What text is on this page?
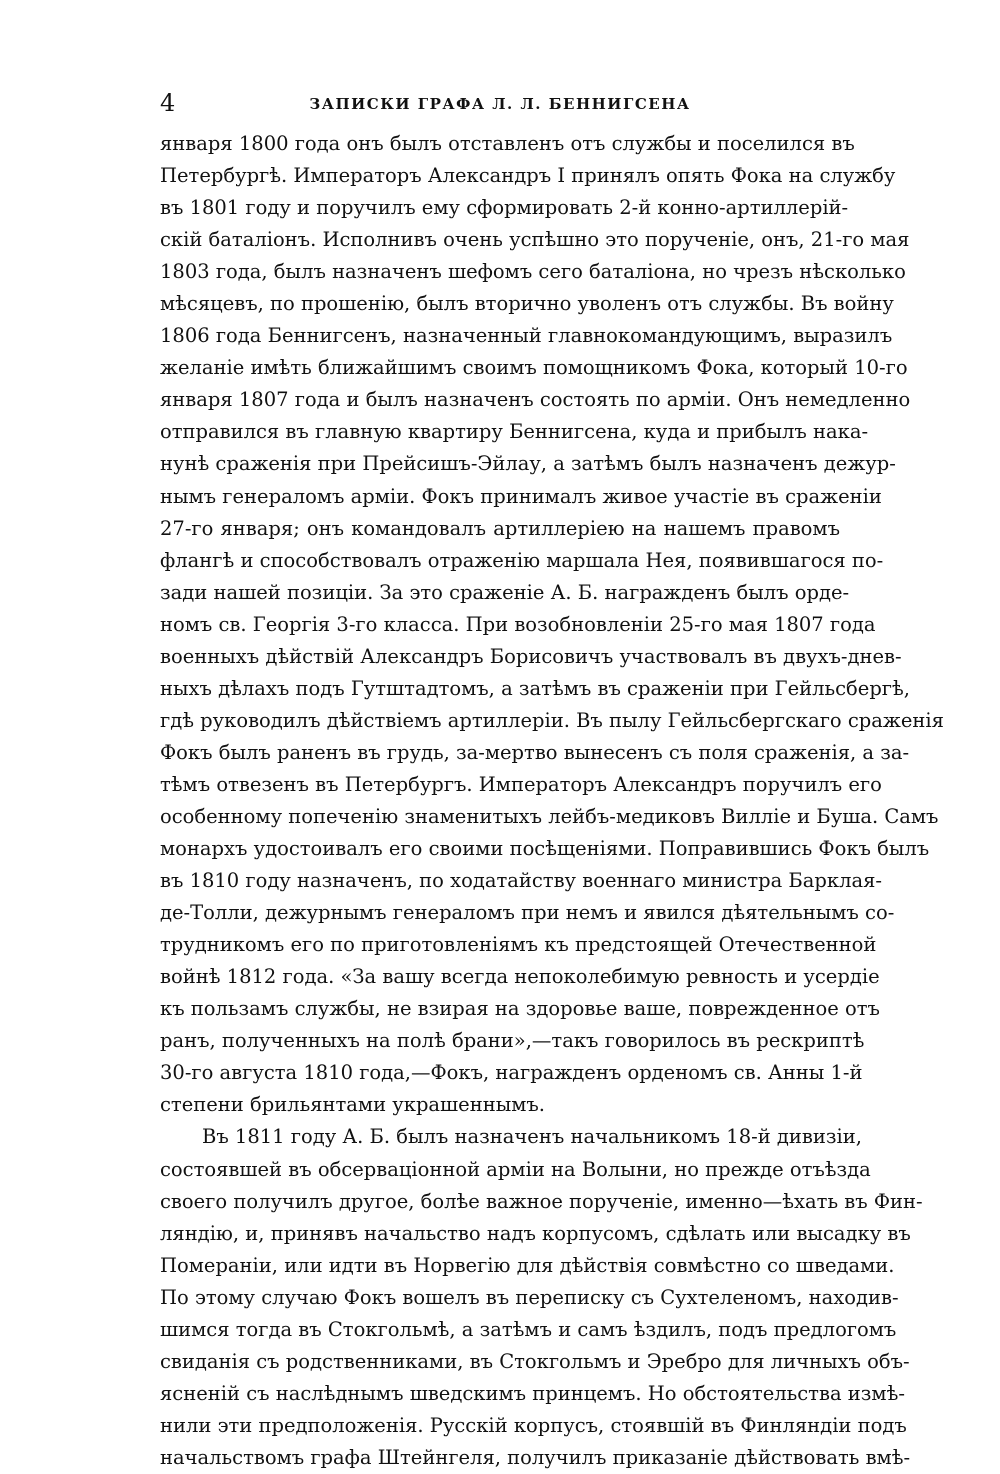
4	ЗАПИСКИ ГРАФА Л. Л. БЕННИГСЕНА
января 1800 года онъ былъ отставленъ отъ службы и поселился въ
Петербургѣ. Императоръ Александръ I принялъ опять Фока на службу
въ 1801 году и поручилъ ему сформировать 2-й конно-артиллерій-
скій баталіонъ. Исполнивъ очень успѣшно это порученіе, онъ, 21-го мая
1803 года, былъ назначенъ шефомъ сего баталіона, но чрезъ нѣсколько
мѣсяцевъ, по прошенію, былъ вторично уволенъ отъ службы. Въ войну
1806 года Беннигсенъ, назначенный главнокомандующимъ, выразилъ
желаніе имѣть ближайшимъ своимъ помощникомъ Фока, который 10-го
января 1807 года и былъ назначенъ состоять по арміи. Онъ немедленно
отправился въ главную квартиру Беннигсена, куда и прибылъ нака-
нунѣ сраженія при Прейсишъ-Эйлау, а затѣмъ былъ назначенъ дежур-
нымъ генераломъ арміи. Фокъ принималъ живое участіе въ сраженіи
27-го января; онъ командовалъ артиллеріею на нашемъ правомъ
флангѣ и способствовалъ отраженію маршала Нея, появившагося по-
зади нашей позиціи. За это сраженіе А. Б. награжденъ былъ орде-
номъ св. Георгія 3-го класса. При возобновленіи 25-го мая 1807 года
военныхъ дѣйствій Александръ Борисовичъ участвовалъ въ двухъ-днев-
ныхъ дѣлахъ подъ Гутштадтомъ, а затѣмъ въ сраженіи при Гейльсбергѣ,
гдѣ руководилъ дѣйствіемъ артиллеріи. Въ пылу Гейльсбергскаго сраженія
Фокъ былъ раненъ въ грудь, за-мертво вынесенъ съ поля сраженія, а за-
тѣмъ отвезенъ въ Петербургъ. Императоръ Александръ поручилъ его
особенному попеченію знаменитыхъ лейбъ-медиковъ Вилліе и Буша. Самъ
монархъ удостоивалъ его своими посѣщеніями. Поправившись Фокъ былъ
въ 1810 году назначенъ, по ходатайству военнаго министра Барклая-
де-Толли, дежурнымъ генераломъ при немъ и явился дѣятельнымъ со-
трудникомъ его по приготовленіямъ къ предстоящей Отечественной
войнѣ 1812 года. «За вашу всегда непоколебимую ревность и усердіе
къ пользамъ службы, не взирая на здоровье ваше, поврежденное отъ
ранъ, полученныхъ на полѣ брани»,—такъ говорилось въ рескриптѣ
30-го августа 1810 года,—Фокъ, награжденъ орденомъ св. Анны 1-й
степени брильянтами украшеннымъ.
Въ 1811 году А. Б. былъ назначенъ начальникомъ 18-й дивизіи,
состоявшей въ обсерваціонной арміи на Волыни, но прежде отъѣзда
своего получилъ другое, болѣе важное порученіе, именно—ѣхать въ Фин-
ляндію, и, принявъ начальство надъ корпусомъ, сдѣлать или высадку въ
Помераніи, или идти въ Норвегію для дѣйствія совмѣстно со шведами.
По этому случаю Фокъ вошелъ въ переписку съ Сухтеленомъ, находив-
шимся тогда въ Стокгольмѣ, а затѣмъ и самъ ѣздилъ, подъ предлогомъ
свиданія съ родственниками, въ Стокгольмъ и Эребро для личныхъ объ-
ясненій съ наслѣднымъ шведскимъ принцемъ. Но обстоятельства измѣ-
нили эти предположенія. Русскій корпусъ, стоявшій въ Финляндіи подъ
начальствомъ графа Штейнгеля, получилъ приказаніе дѣйствовать вмѣ-
